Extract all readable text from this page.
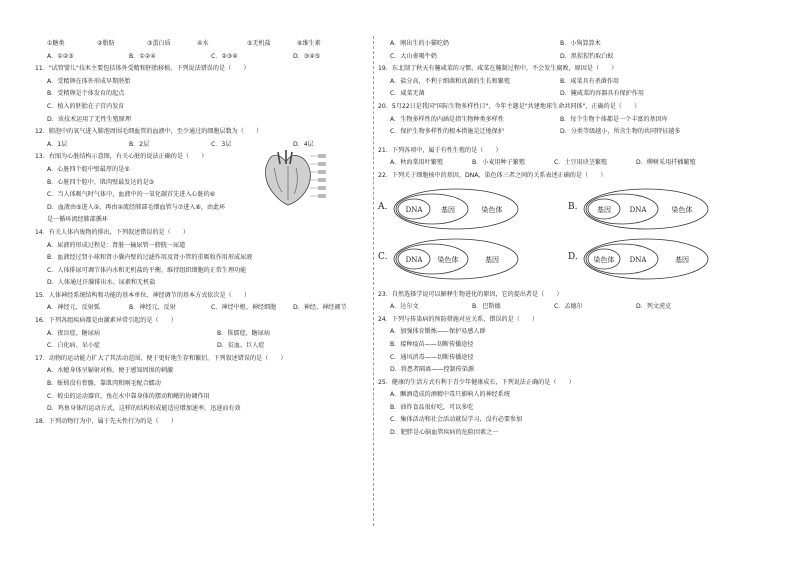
①糖类	②脂肪	③蛋白质	④水	⑤无机盐	⑥维生素
A．①②③	B．①②④	C．②③④	D．③④⑤
11．"试管婴儿"技术主要包括体外受精和胚胎移植，下列说法错误的是（　　）
A．受精卵在体外形成早期胚胎
B．受精卵是个体发育的起点
C．植入的胚胎在子宫内发育
D．该技术运用了无性生殖原理
12．肺泡中的氧气进入肺泡周围毛细血管的血液中，至少通过的细胞层数为（　　）
A．1层	B．2层	C．3层	D．4层
13．右图为心脏结构示意图，有关心脏的说法正确的是（　　）
A．心脏四个腔中壁最厚的是⑤
B．心脏四个腔中，肌肉壁最发达的是③
C．当人体吸气时气体中，血液中的一氧化碳首先进入心脏的⑥
D．血液由⑤进入②，再由②流经肺部毛细血管与⑦进入⑧，由此环
是一循环流经肺部循环
14．有关人体内废物的排出，下列叙述错误的是（　　）
A．尿液的形成过程是：肾脏一输尿管一膀胱一尿道
B．血液经过肾小球和肾小囊内壁的过滤作用及肾小管的重吸收作用形成尿液
C．人体排尿可调节体内水和无机盐的平衡，维持组织细胞的正常生理功能
D．人体通过汗腺排出水、尿素和无机盐
15．人体神经系统结构和功能的基本单位、神经调节的基本方式依次是（　　）
A．神经元、反射弧	B．神经元、反射	C．神经中枢、神经细胞	D．神经、神经调节
16．下列各组疾病都是由激素异常引起的是（　　）
A．夜盲症、糖尿病	B．侏儒症、糖尿病
C．白化病、呆小症	D．贫血、巨人症
17．动物的运动能力扩大了其活动范围，便于更好地生存和繁衍。下列叙述错误的是（　　）
A．水螅身体呈辐射对称，便于感知周围的刺激
B．蚯蚓没有骨骼，靠肌肉和刚毛配合蠕动
C．蝗虫的运动器官，鱼在水中靠身体的摆动和鳍的协调作用
D．鸡鱼身体的运动方式，这样的结构形成能适应增加速率，迅速而有效
18．下列动物行为中，属于先天性行为的是（　　）
A．刚出生的小猫吃奶	B．小狗算算术
C．大山雀喝牛奶	D．黑猩猩钓取白蚁
19．东北制了秋天有腌咸菜的习惯，咸菜在腌制过程中，不会发生腐败，原因是（　　）
A．盐分高，不利于细菌和真菌的生长和繁殖	B．咸菜具有杀菌作用
C．咸菜无菌	D．腌咸菜的容器具有保护作用
20．5月22日是我国"国际生物多样性日"，今年主题是"共建地球生命共同体"，正确的是（　　）
A．生物多样性的内涵是指生物种类多样性	B．每个生物个体都是一个丰富的基因库
C．保护生物多样性的根本措施是迁地保护	D．分类等级越小，所含生物的共同特征越多
21．下列各项中，属于有性生殖的是（　　）
A．秋海棠用叶繁殖	B．小麦用种子繁殖	C．土豆用块茎繁殖	D．柳树采用扦插繁殖
22．下列关于细胞核中的基因、DNA、染色体三者之间的关系表述正确的是（　　）
A.	DNA	基因	染色体	B.	基因	DNA	染色体
C.	DNA 染色体	基因	D. 染色体 DNA	基因
23．自然选择学说可以解释生物进化的原因，它的提出者是（　　）
A．达尔文	B．巴斯德	C．孟德尔	D．列文虎克
24．下列与传染病的预防措施对应关系，错误的是（　　）
A．加强体育锻炼——保护易感人群
B．接种疫苗——切断传播途径
C．通风消毒——切断传播途径
D．将患者隔离——控制传染源
25．健康的生活方式有利于青少年健康成长，下列说法正确的是（　　）
A．酗酒造成的酒精中毒只影响人的神经系统
B．油炸食品很好吃，可以多吃
C．集体活动和社会活动就误学习，没有必要参加
D．肥胖是心脑血管疾病的危险因素之一
